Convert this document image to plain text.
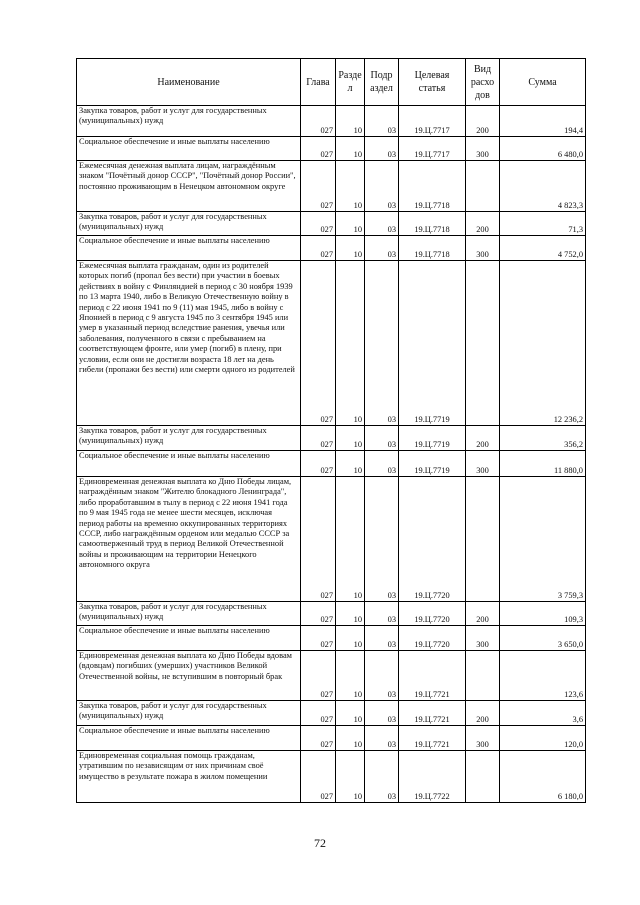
Наименование	Глава	Разде л	Подр аздел	Целевая статья	Вид расхо дов	Сумма
Закупка товаров, работ и услуг для государственных (муниципальных) нужд	027	10	03	19.Ц.7717	200	194,4
Социальное обеспечение и иные выплаты населению	027	10	03	19.Ц.7717	300	6 480,0
Ежемесячная денежная выплата лицам, награждённым знаком "Почётный донор СССР", "Почётный донор России", постоянно проживающим в Ненецком автономном округе	027	10	03	19.Ц.7718		4 823,3
Закупка товаров, работ и услуг для государственных (муниципальных) нужд	027	10	03	19.Ц.7718	200	71,3
Социальное обеспечение и иные выплаты населению	027	10	03	19.Ц.7718	300	4 752,0
Ежемесячная выплата гражданам, один из родителей которых погиб (пропал без вести) при участии в боевых действиях в войну с Финляндией в период с 30 ноября 1939 по 13 марта 1940, либо в Великую Отечественную войну в период с 22 июня 1941 по 9 (11) мая 1945, либо в войну с Японией в период с 9 августа 1945 по 3 сентября 1945 или умер в указанный период вследствие ранения, увечья или заболевания, полученного в связи с пребыванием на соответствующем фронте, или умер (погиб) в плену, при условии, если они не достигли возраста 18 лет на день гибели (пропажи без вести) или смерти одного из родителей	027	10	03	19.Ц.7719		12 236,2
Закупка товаров, работ и услуг для государственных (муниципальных) нужд	027	10	03	19.Ц.7719	200	356,2
Социальное обеспечение и иные выплаты населению	027	10	03	19.Ц.7719	300	11 880,0
Единовременная денежная выплата ко Дню Победы лицам, награждённым знаком "Жителю блокадного Ленинграда", либо проработавшим в тылу в период с 22 июня 1941 года по 9 мая 1945 года не менее шести месяцев, исключая период работы на временно оккупированных территориях СССР, либо награждённым орденом или медалью СССР за самоотверженный труд в период Великой Отечественной войны и проживающим на территории Ненецкого автономного округа	027	10	03	19.Ц.7720		3 759,3
Закупка товаров, работ и услуг для государственных (муниципальных) нужд	027	10	03	19.Ц.7720	200	109,3
Социальное обеспечение и иные выплаты населению	027	10	03	19.Ц.7720	300	3 650,0
Единовременная денежная выплата ко Дню Победы вдовам (вдовцам) погибших (умерших) участников Великой Отечественной войны, не вступившим в повторный брак	027	10	03	19.Ц.7721		123,6
Закупка товаров, работ и услуг для государственных (муниципальных) нужд	027	10	03	19.Ц.7721	200	3,6
Социальное обеспечение и иные выплаты населению	027	10	03	19.Ц.7721	300	120,0
Единовременная социальная помощь гражданам, утратившим по независящим от них причинам своё имущество в результате пожара в жилом помещении	027	10	03	19.Ц.7722		6 180,0
72
